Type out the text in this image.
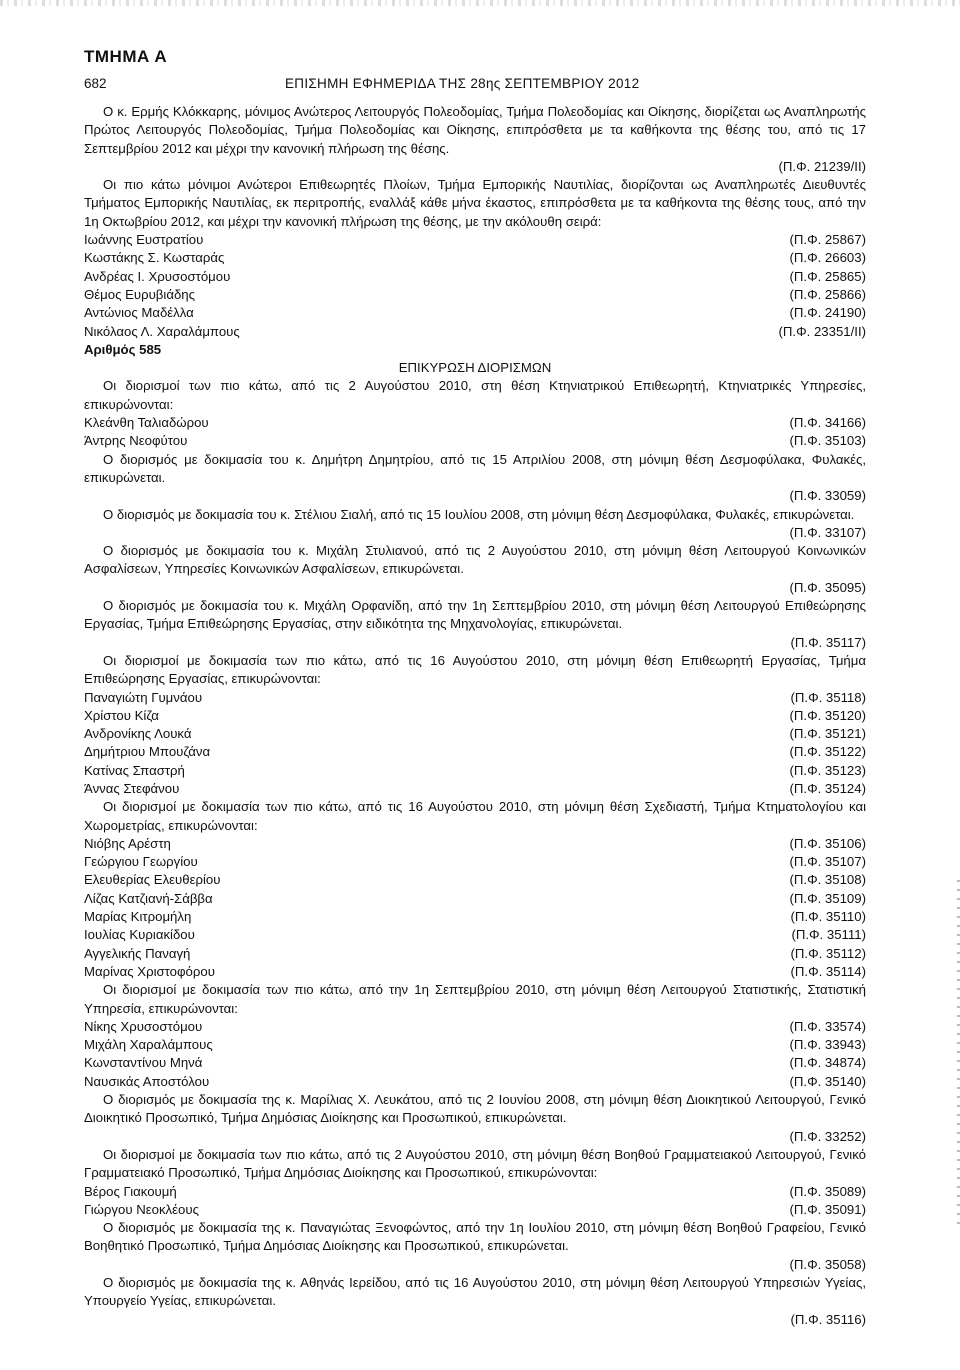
ΤΜΗΜΑ Α
682	ΕΠΙΣΗΜΗ ΕΦΗΜΕΡΙΔΑ ΤΗΣ 28ης ΣΕΠΤΕΜΒΡΙΟΥ 2012

Ο κ. Ερμής Κλόκκαρης, μόνιμος Ανώτερος Λειτουργός Πολεοδομίας, Τμήμα Πολεοδομίας και Οίκησης, διορίζεται ως Αναπληρωτής Πρώτος Λειτουργός Πολεοδομίας, Τμήμα Πολεοδομίας και Οίκησης, επιπρόσθετα με τα καθήκοντα της θέσης του, από τις 17 Σεπτεμβρίου 2012 και μέχρι την κανονική πλήρωση της θέσης.

(Π.Φ. 21239/ΙΙ)

Οι πιο κάτω μόνιμοι Ανώτεροι Επιθεωρητές Πλοίων, Τμήμα Εμπορικής Ναυτιλίας, διορίζονται ως Αναπληρωτές Διευθυντές Τμήματος Εμπορικής Ναυτιλίας, εκ περιτροπής, εναλλάξ κάθε μήνα έκαστος, επιπρόσθετα με τα καθήκοντα της θέσης τους, από την 1η Οκτωβρίου 2012, και μέχρι την κανονική πλήρωση της θέσης, με την ακόλουθη σειρά:

Ιωάννης Ευστρατίου	(Π.Φ. 25867)
Κωστάκης Σ. Κωσταράς	(Π.Φ. 26603)
Ανδρέας Ι. Χρυσοστόμου	(Π.Φ. 25865)
Θέμος Ευρυβιάδης	(Π.Φ. 25866)
Αντώνιος Μαδέλλα	(Π.Φ. 24190)
Νικόλαος Λ. Χαραλάμπους	(Π.Φ. 23351/ΙΙ)

Αριθμός 585

ΕΠΙΚΥΡΩΣΗ ΔΙΟΡΙΣΜΩΝ

Οι διορισμοί των πιο κάτω, από τις 2 Αυγούστου 2010, στη θέση Κτηνιατρικού Επιθεωρητή, Κτηνιατρικές Υπηρεσίες, επικυρώνονται:

Κλεάνθη Ταλιαδώρου	(Π.Φ. 34166)
Άντρης Νεοφύτου	(Π.Φ. 35103)

Ο διορισμός με δοκιμασία του κ. Δημήτρη Δημητρίου, από τις 15 Απριλίου 2008, στη μόνιμη θέση Δεσμοφύλακα, Φυλακές, επικυρώνεται.

(Π.Φ. 33059)

Ο διορισμός με δοκιμασία του κ. Στέλιου Σιαλή, από τις 15 Ιουλίου 2008, στη μόνιμη θέση Δεσμοφύλακα, Φυλακές, επικυρώνεται.

(Π.Φ. 33107)

Ο διορισμός με δοκιμασία του κ. Μιχάλη Στυλιανού, από τις 2 Αυγούστου 2010, στη μόνιμη θέση Λειτουργού Κοινωνικών Ασφαλίσεων, Υπηρεσίες Κοινωνικών Ασφαλίσεων, επικυρώνεται.

(Π.Φ. 35095)

Ο διορισμός με δοκιμασία του κ. Μιχάλη Ορφανίδη, από την 1η Σεπτεμβρίου 2010, στη μόνιμη θέση Λειτουργού Επιθεώρησης Εργασίας, Τμήμα Επιθεώρησης Εργασίας, στην ειδικότητα της Μηχανολογίας, επικυρώνεται.

(Π.Φ. 35117)

Οι διορισμοί με δοκιμασία των πιο κάτω, από τις 16 Αυγούστου 2010, στη μόνιμη θέση Επιθεωρητή Εργασίας, Τμήμα Επιθεώρησης Εργασίας, επικυρώνονται:

Παναγιώτη Γυμνάου	(Π.Φ. 35118)
Χρίστου Κίζα	(Π.Φ. 35120)
Ανδρονίκης Λουκά	(Π.Φ. 35121)
Δημήτριου Μπουζάνα	(Π.Φ. 35122)
Κατίνας Σπαστρή	(Π.Φ. 35123)
Άννας Στεφάνου	(Π.Φ. 35124)

Οι διορισμοί με δοκιμασία των πιο κάτω, από τις 16 Αυγούστου 2010, στη μόνιμη θέση Σχεδιαστή, Τμήμα Κτηματολογίου και Χωρομετρίας, επικυρώνονται:

Νιόβης Αρέστη	(Π.Φ. 35106)
Γεώργιου Γεωργίου	(Π.Φ. 35107)
Ελευθερίας Ελευθερίου	(Π.Φ. 35108)
Λίζας Κατζιανή-Σάββα	(Π.Φ. 35109)
Μαρίας Κιτρομήλη	(Π.Φ. 35110)
Ιουλίας Κυριακίδου	(Π.Φ. 35111)
Αγγελικής Παναγή	(Π.Φ. 35112)
Μαρίνας Χριστοφόρου	(Π.Φ. 35114)

Οι διορισμοί με δοκιμασία των πιο κάτω, από την 1η Σεπτεμβρίου 2010, στη μόνιμη θέση Λειτουργού Στατιστικής, Στατιστική Υπηρεσία, επικυρώνονται:

Νίκης Χρυσοστόμου	(Π.Φ. 33574)
Μιχάλη Χαραλάμπους	(Π.Φ. 33943)
Κωνσταντίνου Μηνά	(Π.Φ. 34874)
Ναυσικάς Αποστόλου	(Π.Φ. 35140)

Ο διορισμός με δοκιμασία της κ. Μαρίλιας Χ. Λευκάτου, από τις 2 Ιουνίου 2008, στη μόνιμη θέση Διοικητικού Λειτουργού, Γενικό Διοικητικό Προσωπικό, Τμήμα Δημόσιας Διοίκησης και Προσωπικού, επικυρώνεται.

(Π.Φ. 33252)

Οι διορισμοί με δοκιμασία των πιο κάτω, από τις 2 Αυγούστου 2010, στη μόνιμη θέση Βοηθού Γραμματειακού Λειτουργού, Γενικό Γραμματειακό Προσωπικό, Τμήμα Δημόσιας Διοίκησης και Προσωπικού, επικυρώνονται:

Βέρος Γιακουμή	(Π.Φ. 35089)
Γιώργου Νεοκλέους	(Π.Φ. 35091)

Ο διορισμός με δοκιμασία της κ. Παναγιώτας Ξενοφώντος, από την 1η Ιουλίου 2010, στη μόνιμη θέση Βοηθού Γραφείου, Γενικό Βοηθητικό Προσωπικό, Τμήμα Δημόσιας Διοίκησης και Προσωπικού, επικυρώνεται.

(Π.Φ. 35058)

Ο διορισμός με δοκιμασία της κ. Αθηνάς Ιερείδου, από τις 16 Αυγούστου 2010, στη μόνιμη θέση Λειτουργού Υπηρεσιών Υγείας, Υπουργείο Υγείας, επικυρώνεται.

(Π.Φ. 35116)
